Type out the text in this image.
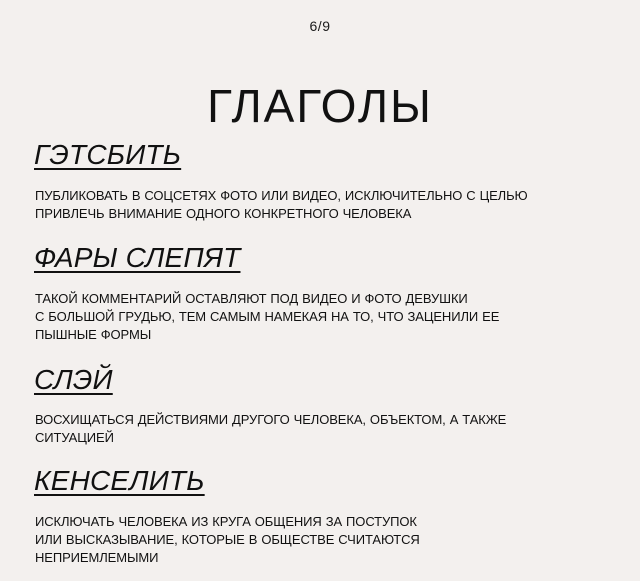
6/9
ГЛАГОЛЫ
ГЭТСБИТЬ
ПУБЛИКОВАТЬ В СОЦСЕТЯХ ФОТО ИЛИ ВИДЕО, ИСКЛЮЧИТЕЛЬНО С ЦЕЛЬЮ
ПРИВЛЕЧЬ ВНИМАНИЕ ОДНОГО КОНКРЕТНОГО ЧЕЛОВЕКА
ФАРЫ СЛЕПЯТ
ТАКОЙ КОММЕНТАРИЙ ОСТАВЛЯЮТ ПОД ВИДЕО И ФОТО ДЕВУШКИ
С БОЛЬШОЙ ГРУДЬЮ, ТЕМ САМЫМ НАМЕКАЯ НА ТО, ЧТО ЗАЦЕНИЛИ ЕЕ
ПЫШНЫЕ ФОРМЫ
СЛЭЙ
ВОСХИЩАТЬСЯ ДЕЙСТВИЯМИ ДРУГОГО ЧЕЛОВЕКА, ОБЪЕКТОМ, А ТАКЖЕ
СИТУАЦИЕЙ
КЕНСЕЛИТЬ
ИСКЛЮЧАТЬ ЧЕЛОВЕКА ИЗ КРУГА ОБЩЕНИЯ ЗА ПОСТУПОК
ИЛИ ВЫСКАЗЫВАНИЕ, КОТОРЫЕ В ОБЩЕСТВЕ СЧИТАЮТСЯ
НЕПРИЕМЛЕМЫМИ
